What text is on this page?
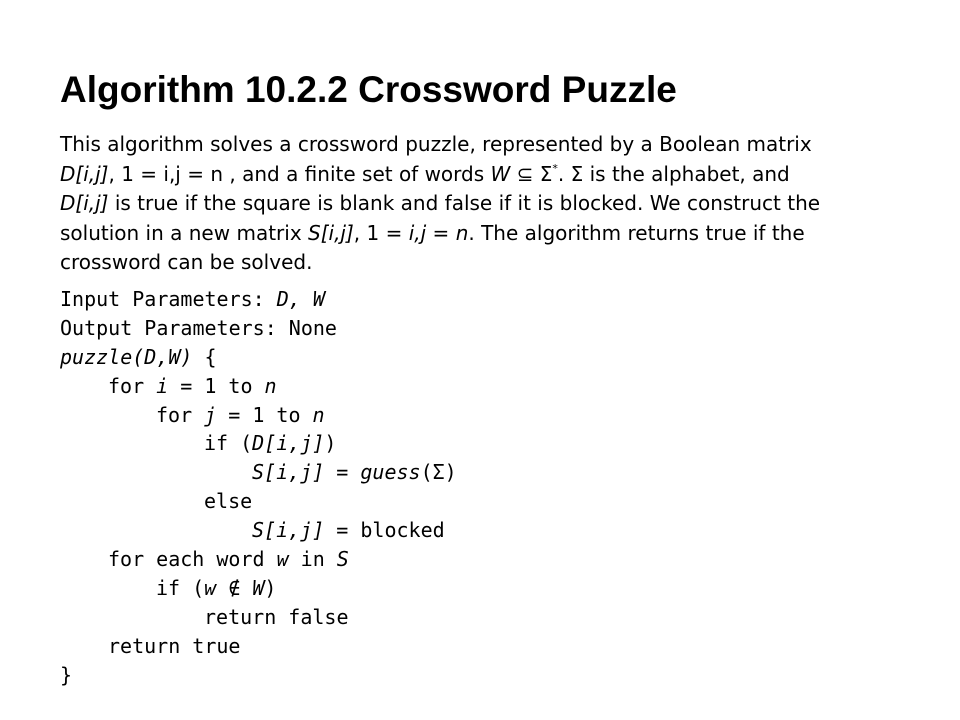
Algorithm 10.2.2 Crossword Puzzle
This algorithm solves a crossword puzzle, represented by a Boolean matrix
D[i,j], 1 = i,j = n , and a finite set of words W ⊆ Σ*. Σ is the alphabet, and
D[i,j] is true if the square is blank and false if it is blocked. We construct the
solution in a new matrix S[i,j], 1 = i,j = n. The algorithm returns true if the
crossword can be solved.
Input Parameters: D, W
Output Parameters: None
puzzle(D,W) {
for i = 1 to n
for j = 1 to n
if (D[i,j])
S[i,j] = guess(Σ)
else
S[i,j] = blocked
for each word w in S
if (w ∉ W)
return false
return true
}
